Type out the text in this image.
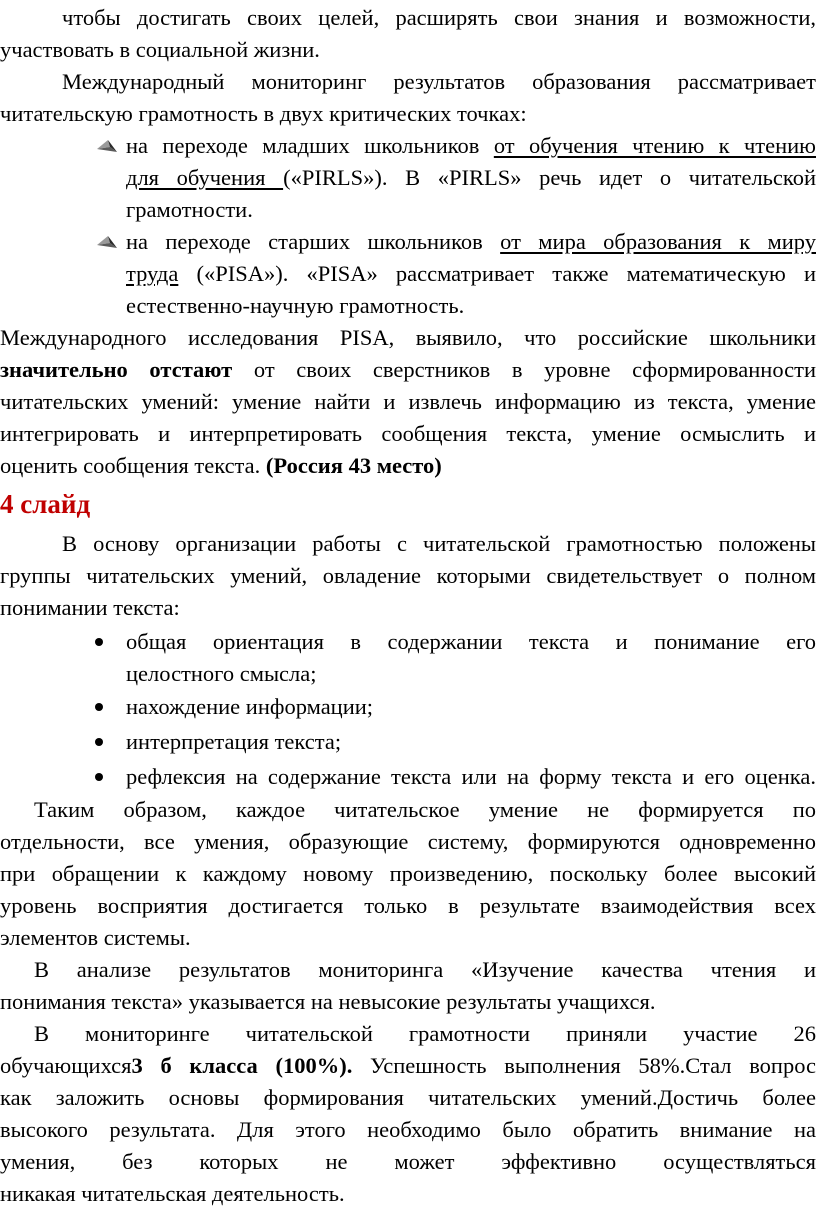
чтобы достигать своих целей, расширять свои знания и возможности,
участвовать в социальной жизни.
Международный мониторинг результатов образования рассматривает
читательскую грамотность в двух критических точках:
на переходе младших школьников от обучения чтению к чтению
для обучения («PIRLS»). В «PIRLS» речь идет о читательской
грамотности.
на переходе старших школьников от мира образования к миру
труда («PISA»). «PISA» рассматривает также математическую и
естественно-научную грамотность.
Международного исследования PISA, выявило, что российские школьники
значительно отстают от своих сверстников в уровне сформированности
читательских умений: умение найти и извлечь информацию из текста, умение
интегрировать и интерпретировать сообщения текста, умение осмыслить и
оценить сообщения текста. (Россия 43 место)
4 слайд
В основу организации работы с читательской грамотностью положены
группы читательских умений, овладение которыми свидетельствует о полном
понимании текста:
общая ориентация в содержании текста и понимание его
целостного смысла;
нахождение информации;
интерпретация текста;
рефлексия на содержание текста или на форму текста и его оценка.
Таким образом, каждое читательское умение не формируется по
отдельности, все умения, образующие систему, формируются одновременно
при обращении к каждому новому произведению, поскольку более высокий
уровень восприятия достигается только в результате взаимодействия всех
элементов системы.
В анализе результатов мониторинга «Изучение качества чтения и
понимания текста» указывается на невысокие результаты учащихся.
В мониторинге читательской грамотности приняли участие 26
обучающихся3 б класса (100%). Успешность выполнения 58%.Стал вопрос
как заложить основы формирования читательских умений.Достичь более
высокого результата. Для этого необходимо было обратить внимание на
умения, без которых не может эффективно осуществляться
никакая читательская деятельность.
